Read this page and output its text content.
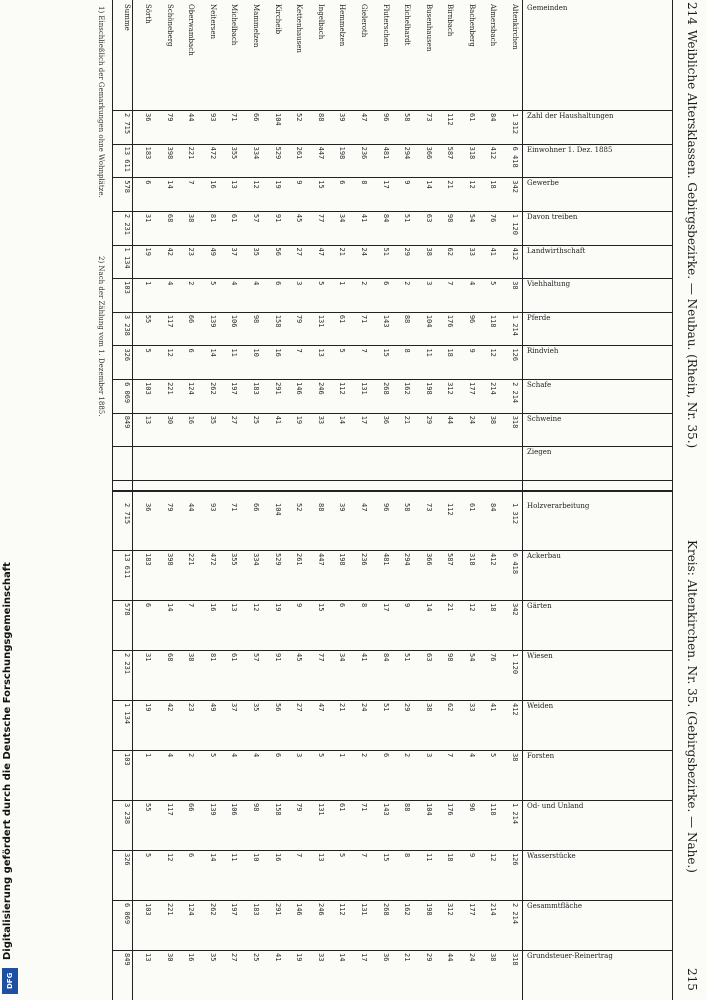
214
Weibliche Altersklassen. Gebirgsbezirke. — Neubau. (Rhein, Nr. 35.)
Kreis: Altenkirchen. Nr. 35. (Gebirgsbezirke. — Nahe.)
215
Gemeinden
Zahl der Haushaltungen
Einwohner 1. Dez. 1885
Gewerbe
Davon treiben
Landwirthschaft
Viehhaltung
Pferde
Rindvieh
Schafe
Schweine
Ziegen
Holzverarbeitung
Ackerbau
Gärten
Wiesen
Weiden
Forsten
Öd- und Unland
Wasserstücke
Gesammtfläche
Grundsteuer-Reinertrag
Altenkirchen
1 312
1 312
6 418
6 418
342
342
1 120
1 120
412
412
38
38
1 214
1 214
126
126
2 214
2 214
318
318
Almersbach
84
84
412
412
18
18
76
76
41
41
5
5
118
118
12
12
214
214
38
38
Bachenberg
61
61
318
318
12
12
54
54
33
33
4
4
96
96
9
9
177
177
24
24
Birnbach
112
112
587
587
21
21
98
98
62
62
7
7
176
176
18
18
312
312
44
44
Busenhausen
73
73
366
366
14
14
63
63
38
38
3
3
104
104
11
11
198
198
29
29
Eichelhardt
58
58
294
294
9
9
51
51
29
29
2
2
88
88
8
8
162
162
21
21
Fluterschen
96
96
481
481
17
17
84
84
51
51
6
6
143
143
15
15
268
268
36
36
Gieleroth
47
47
236
236
8
8
41
41
24
24
2
2
71
71
7
7
131
131
17
17
Hemmelzen
39
39
198
198
6
6
34
34
21
21
1
1
61
61
5
5
112
112
14
14
Ingelbach
88
88
447
447
15
15
77
77
47
47
5
5
131
131
13
13
246
246
33
33
Kettenhausen
52
52
261
261
9
9
45
45
27
27
3
3
79
79
7
7
146
146
19
19
Kircheib
104
104
529
529
19
19
91
91
56
56
6
6
158
158
16
16
291
291
41
41
Mammelzen
66
66
334
334
12
12
57
57
35
35
4
4
98
98
10
10
183
183
25
25
Michelbach
71
71
355
355
13
13
61
61
37
37
4
4
106
106
11
11
197
197
27
27
Neitersen
93
93
472
472
16
16
81
81
49
49
5
5
139
139
14
14
262
262
35
35
Oberwambach
44
44
221
221
7
7
38
38
23
23
2
2
66
66
6
6
124
124
16
16
Schöneberg
79
79
398
398
14
14
68
68
42
42
4
4
117
117
12
12
221
221
30
30
Sörth
36
36
183
183
6
6
31
31
19
19
1
1
55
55
5
5
103
103
13
13
Summe
2 715
2 715
13 611
13 611
578
578
2 231
2 231
1 134
1 134
103
103
3 238
3 238
326
326
6 069
6 069
849
849
1) Einschließlich der Gemarkungen ohne Wohnplätze.
2) Nach der Zählung vom 1. Dezember 1885.
Digitalisierung gefördert durch die Deutsche Forschungsgemeinschaft
DFG
